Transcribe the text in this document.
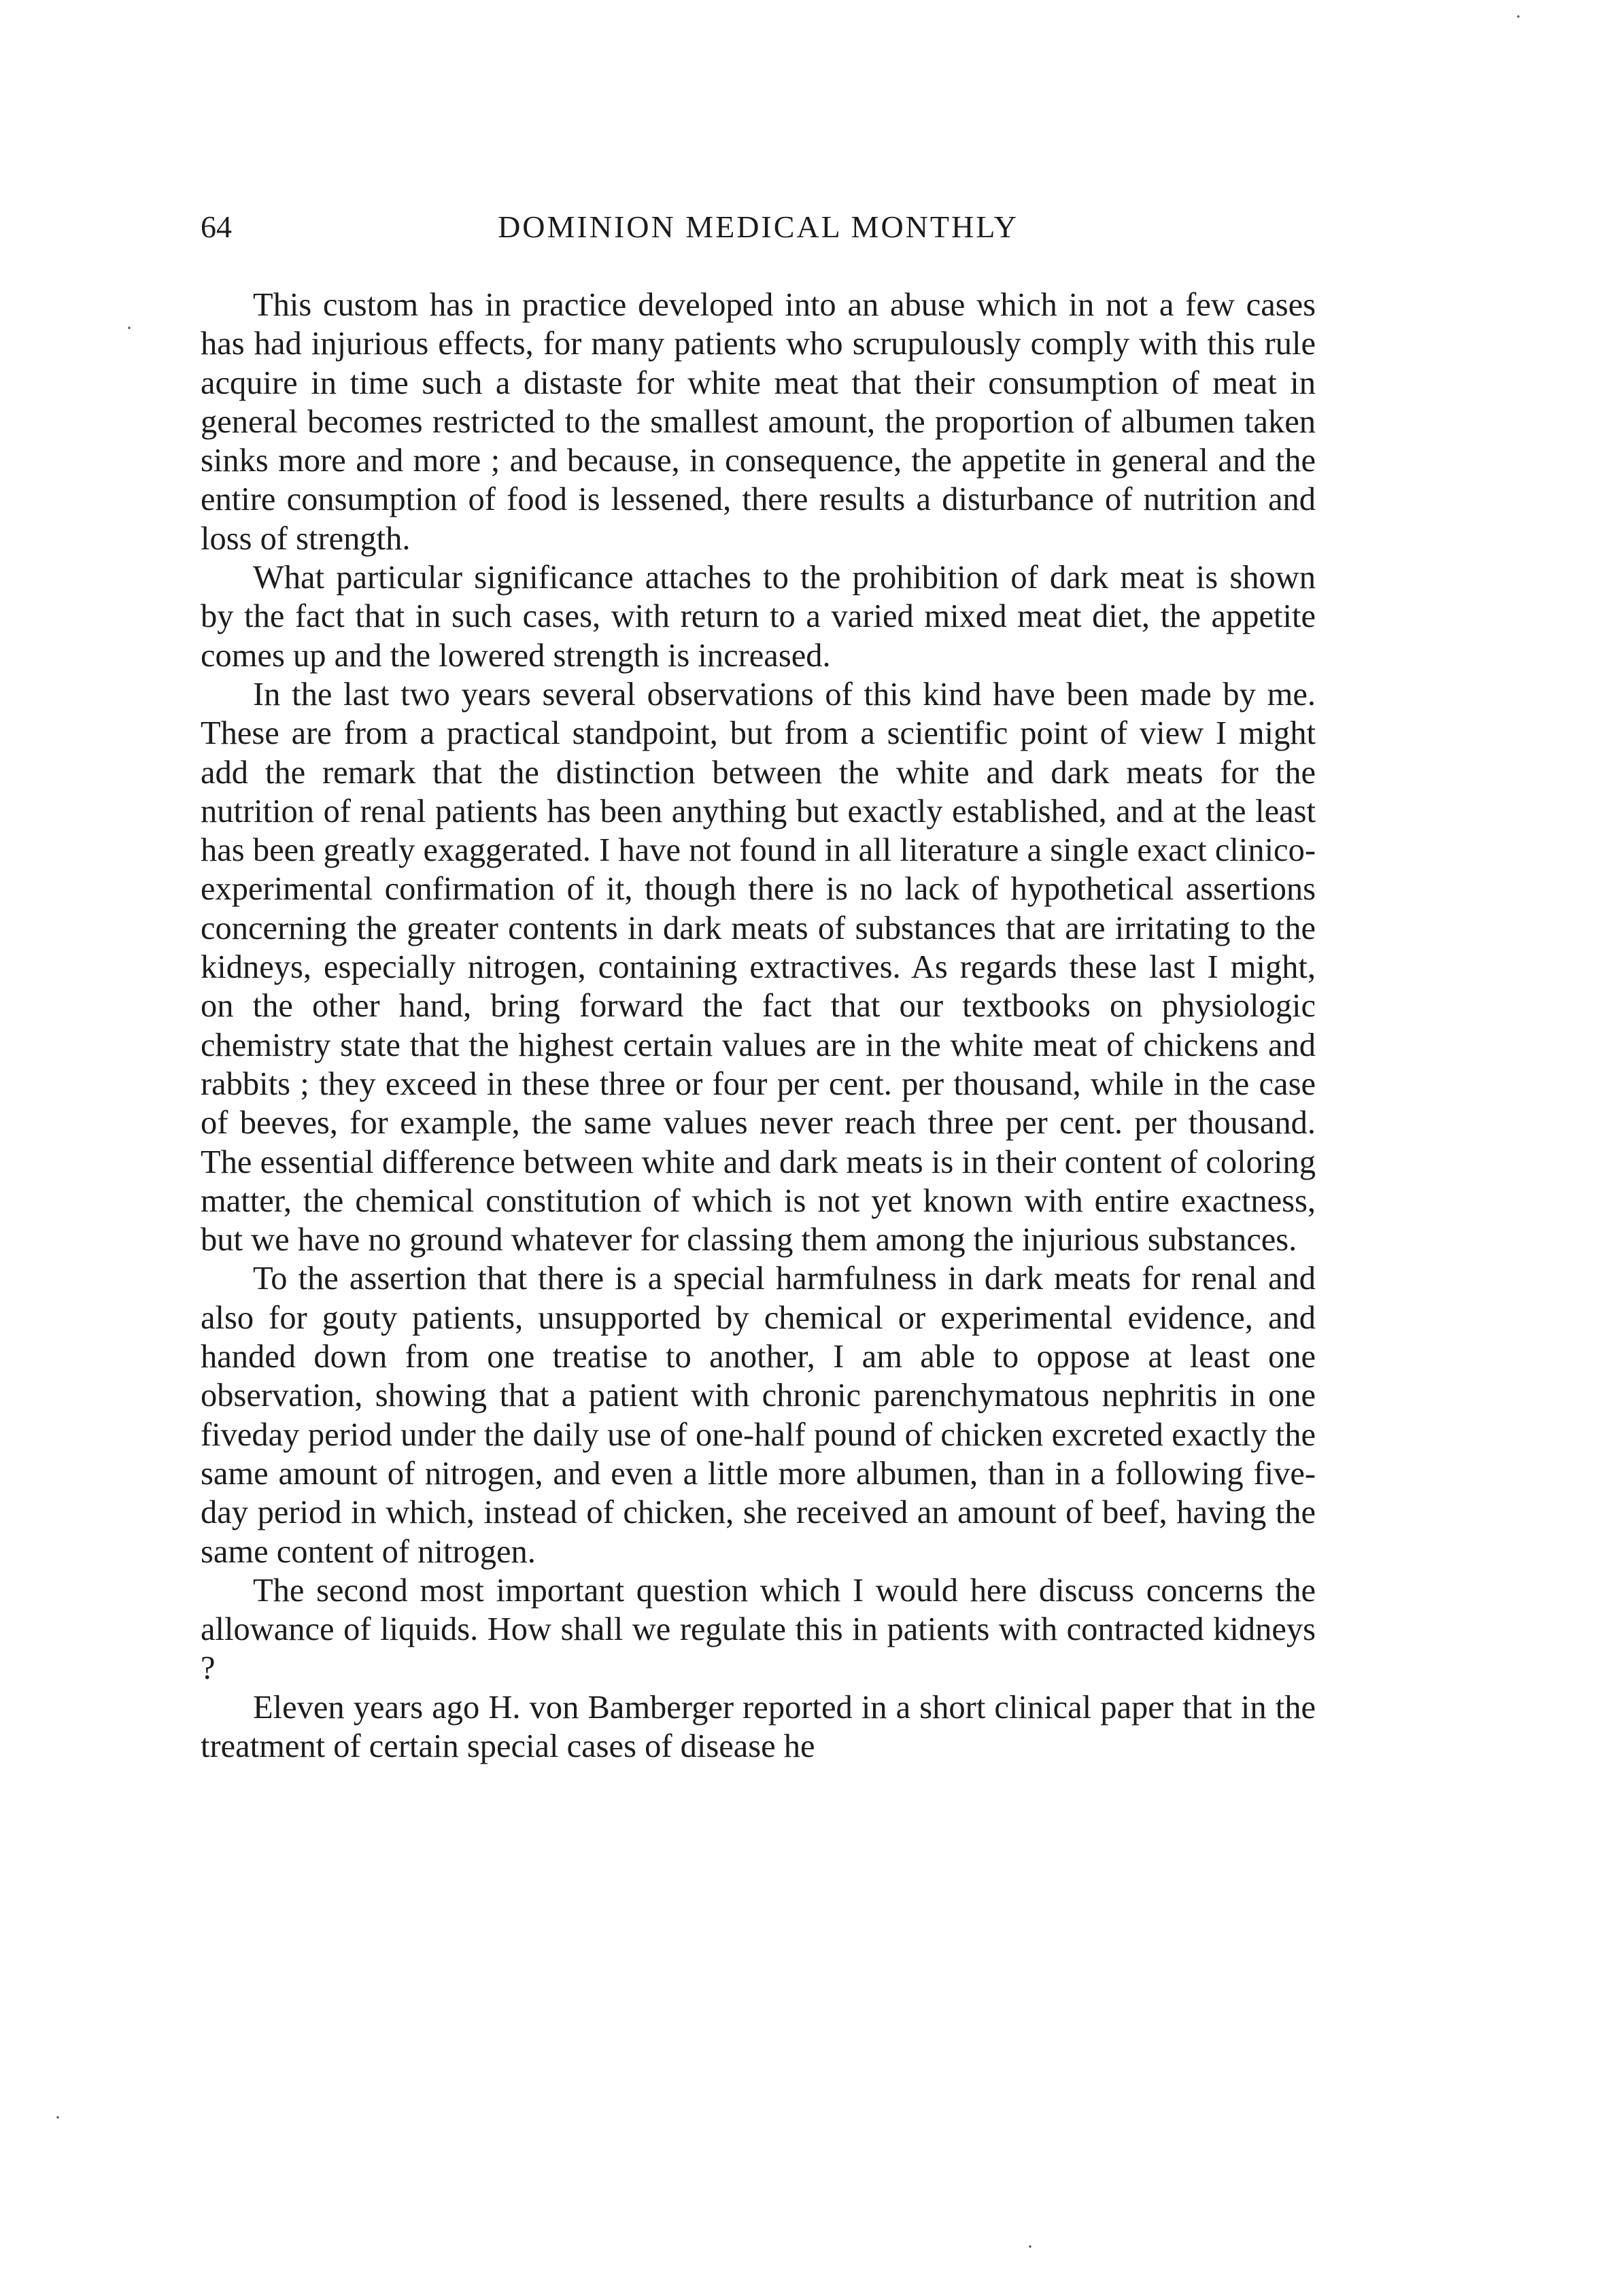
64	DOMINION MEDICAL MONTHLY

This custom has in practice developed into an abuse which in not a few cases has had injurious effects, for many patients who scrupulously comply with this rule acquire in time such a distaste for white meat that their consumption of meat in general becomes restricted to the smallest amount, the proportion of albumen taken sinks more and more ; and because, in consequence, the appetite in general and the entire consumption of food is lessened, there results a disturbance of nutrition and loss of strength.

What particular significance attaches to the prohibition of dark meat is shown by the fact that in such cases, with return to a varied mixed meat diet, the appetite comes up and the lowered strength is increased.

In the last two years several observations of this kind have been made by me. These are from a practical standpoint, but from a scientific point of view I might add the remark that the distinction between the white and dark meats for the nutrition of renal patients has been anything but exactly established, and at the least has been greatly exaggerated. I have not found in all literature a single exact clinico-experimental confirmation of it, though there is no lack of hypothetical assertions concerning the greater contents in dark meats of substances that are irritating to the kidneys, especially nitrogen, containing extractives. As regards these last I might, on the other hand, bring forward the fact that our textbooks on physiologic chemistry state that the highest certain values are in the white meat of chickens and rabbits ; they exceed in these three or four per cent. per thousand, while in the case of beeves, for example, the same values never reach three per cent. per thousand. The essential difference between white and dark meats is in their content of coloring matter, the chemical constitution of which is not yet known with entire exactness, but we have no ground whatever for classing them among the injurious substances.

To the assertion that there is a special harmfulness in dark meats for renal and also for gouty patients, unsupported by chemical or experimental evidence, and handed down from one treatise to another, I am able to oppose at least one observation, showing that a patient with chronic parenchymatous nephritis in one fiveday period under the daily use of one-half pound of chicken excreted exactly the same amount of nitrogen, and even a little more albumen, than in a following five-day period in which, instead of chicken, she received an amount of beef, having the same content of nitrogen.

The second most important question which I would here discuss concerns the allowance of liquids. How shall we regulate this in patients with contracted kidneys ?

Eleven years ago H. von Bamberger reported in a short clinical paper that in the treatment of certain special cases of disease he

·
·
·
·
